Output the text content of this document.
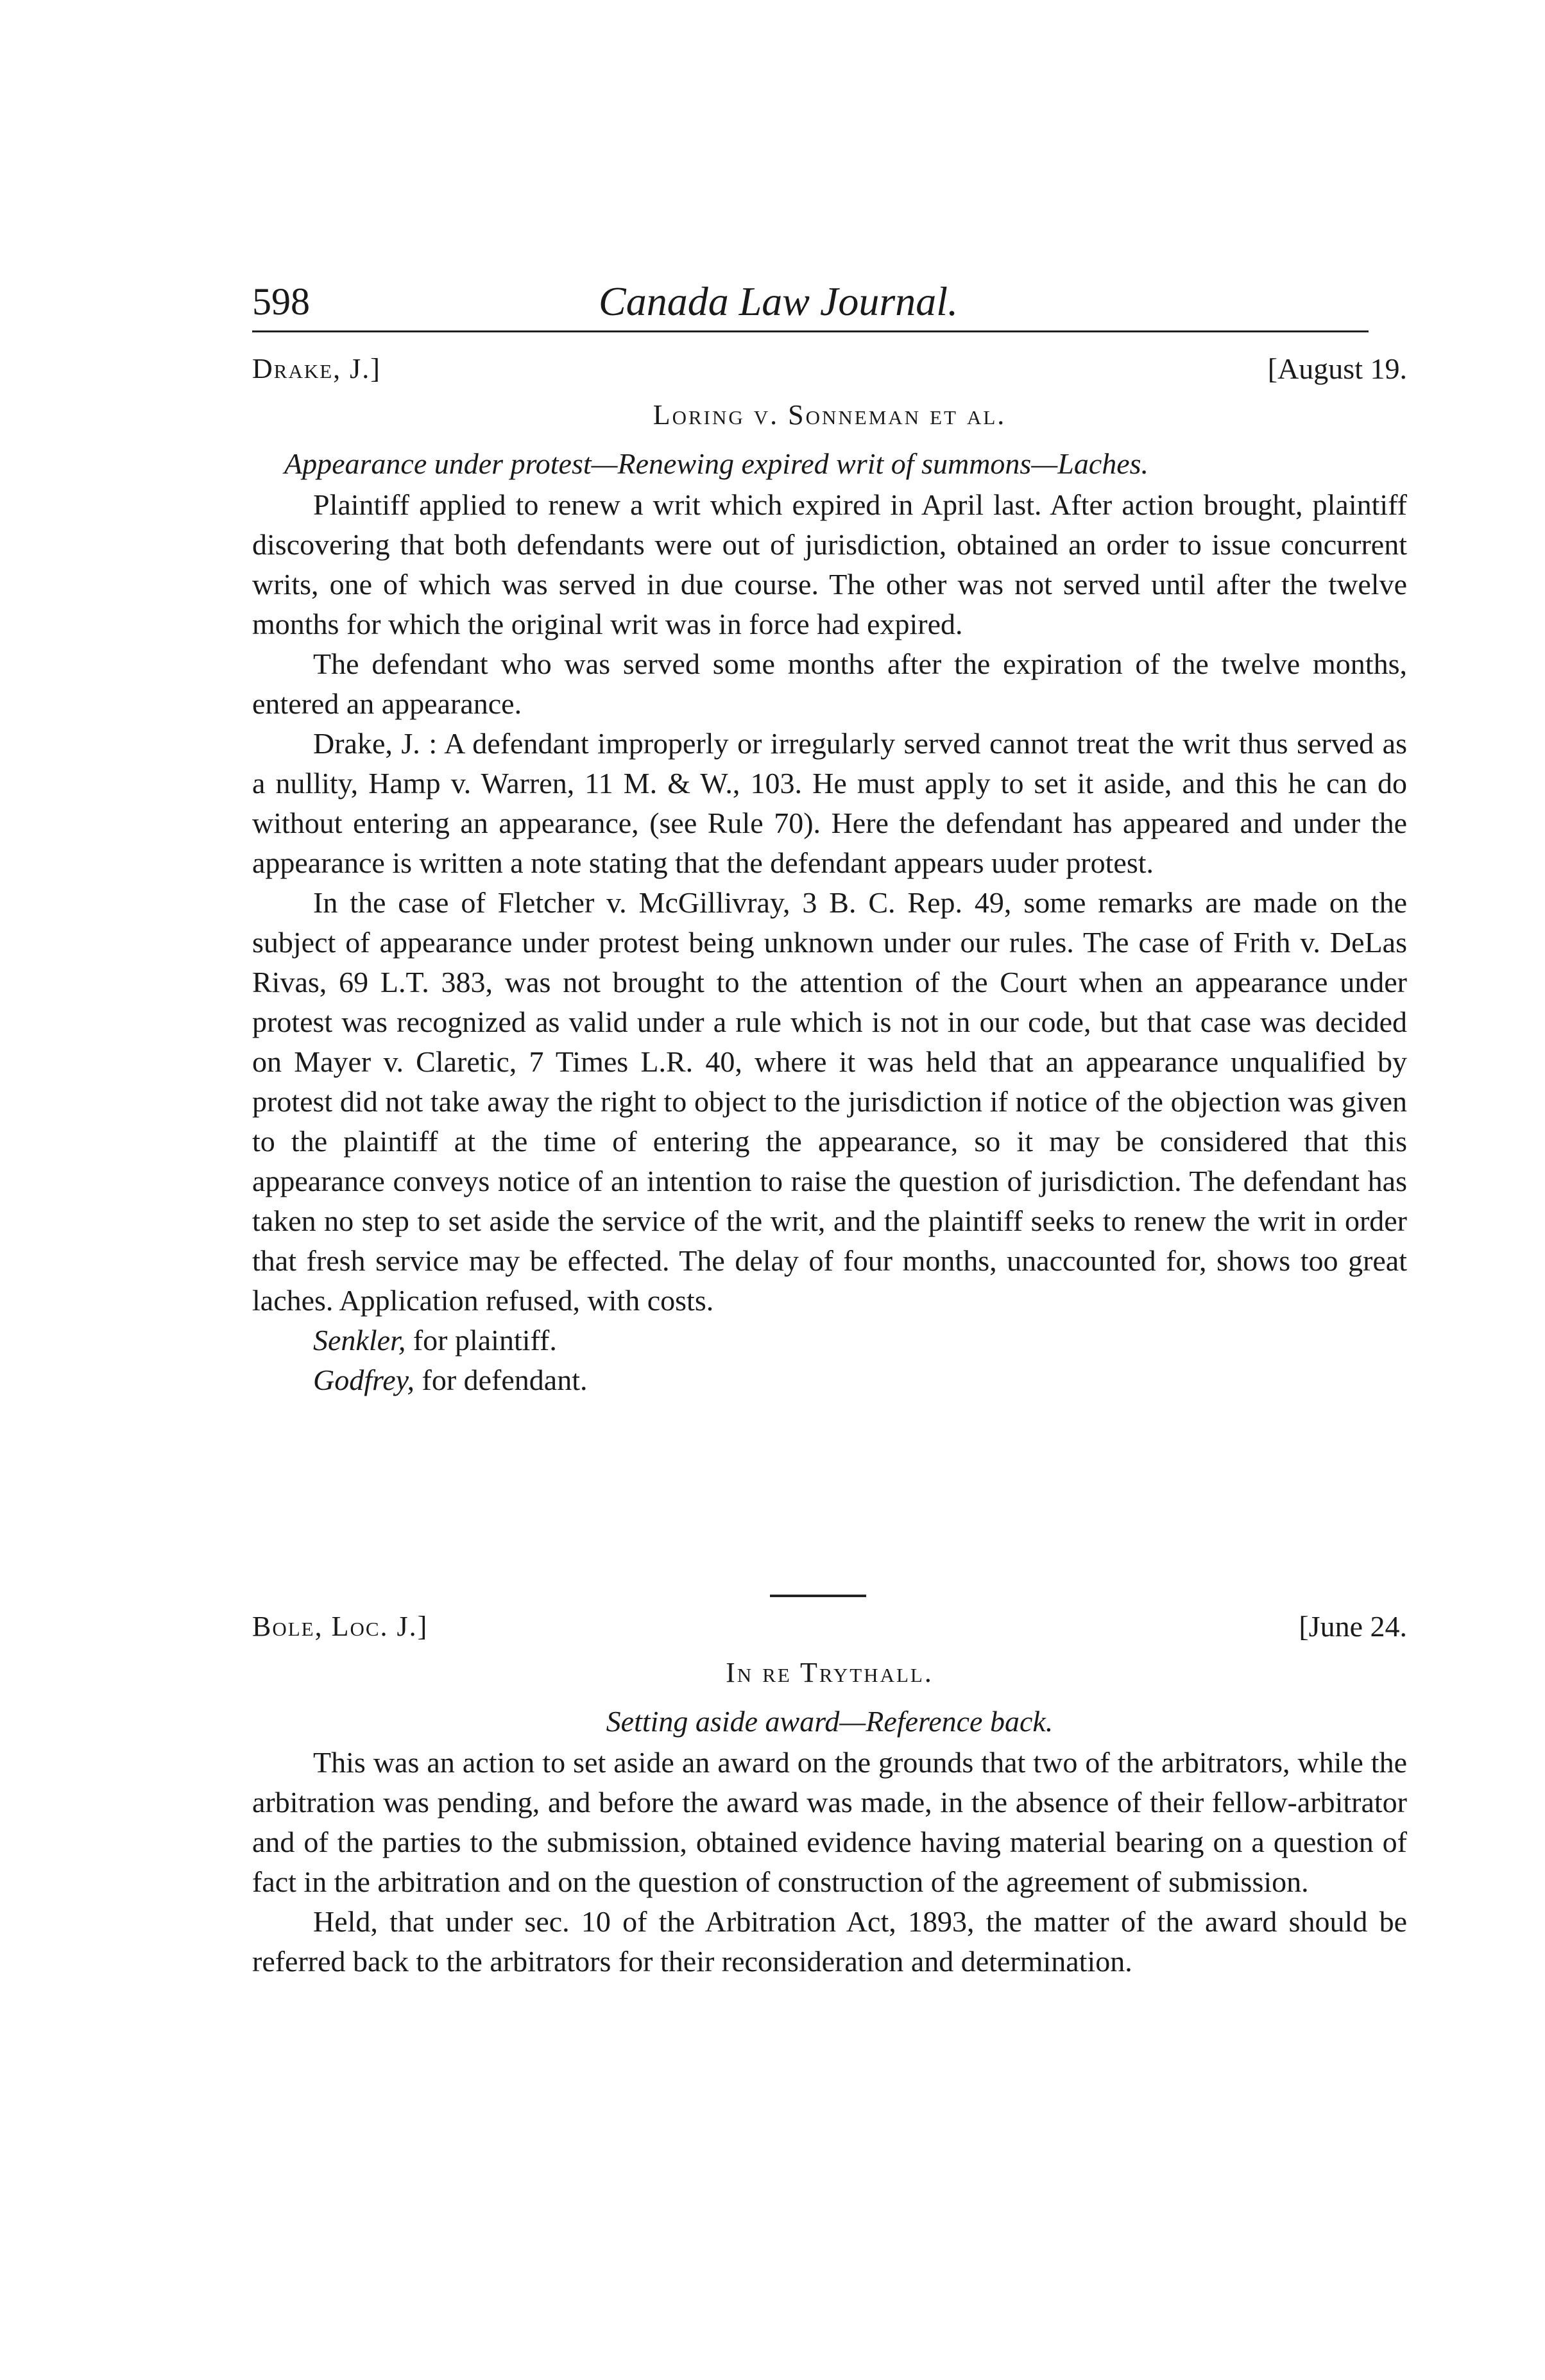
598	Canada Law Journal.
Drake, J.]	[August 19.
Loring v. Sonneman et al.
Appearance under protest—Renewing expired writ of summons—Laches.

Plaintiff applied to renew a writ which expired in April last. After action brought, plaintiff discovering that both defendants were out of jurisdiction, obtained an order to issue concurrent writs, one of which was served in due course. The other was not served until after the twelve months for which the original writ was in force had expired.

The defendant who was served some months after the expiration of the twelve months, entered an appearance.

Drake, J. : A defendant improperly or irregularly served cannot treat the writ thus served as a nullity, Hamp v. Warren, 11 M. & W., 103. He must apply to set it aside, and this he can do without entering an appearance, (see Rule 70). Here the defendant has appeared and under the appearance is written a note stating that the defendant appears uuder protest.

In the case of Fletcher v. McGillivray, 3 B. C. Rep. 49, some remarks are made on the subject of appearance under protest being unknown under our rules. The case of Frith v. DeLas Rivas, 69 L.T. 383, was not brought to the attention of the Court when an appearance under protest was recognized as valid under a rule which is not in our code, but that case was decided on Mayer v. Claretic, 7 Times L.R. 40, where it was held that an appearance unqualified by protest did not take away the right to object to the jurisdiction if notice of the objection was given to the plaintiff at the time of entering the appearance, so it may be considered that this appearance conveys notice of an intention to raise the question of jurisdiction. The defendant has taken no step to set aside the service of the writ, and the plaintiff seeks to renew the writ in order that fresh service may be effected. The delay of four months, unaccounted for, shows too great laches. Application refused, with costs.

Senkler, for plaintiff.

Godfrey, for defendant.

Bole, Loc. J.]	[June 24.
In re Trythall.
Setting aside award—Reference back.

This was an action to set aside an award on the grounds that two of the arbitrators, while the arbitration was pending, and before the award was made, in the absence of their fellow-arbitrator and of the parties to the submission, obtained evidence having material bearing on a question of fact in the arbitration and on the question of construction of the agreement of submission.

Held, that under sec. 10 of the Arbitration Act, 1893, the matter of the award should be referred back to the arbitrators for their reconsideration and determination.
